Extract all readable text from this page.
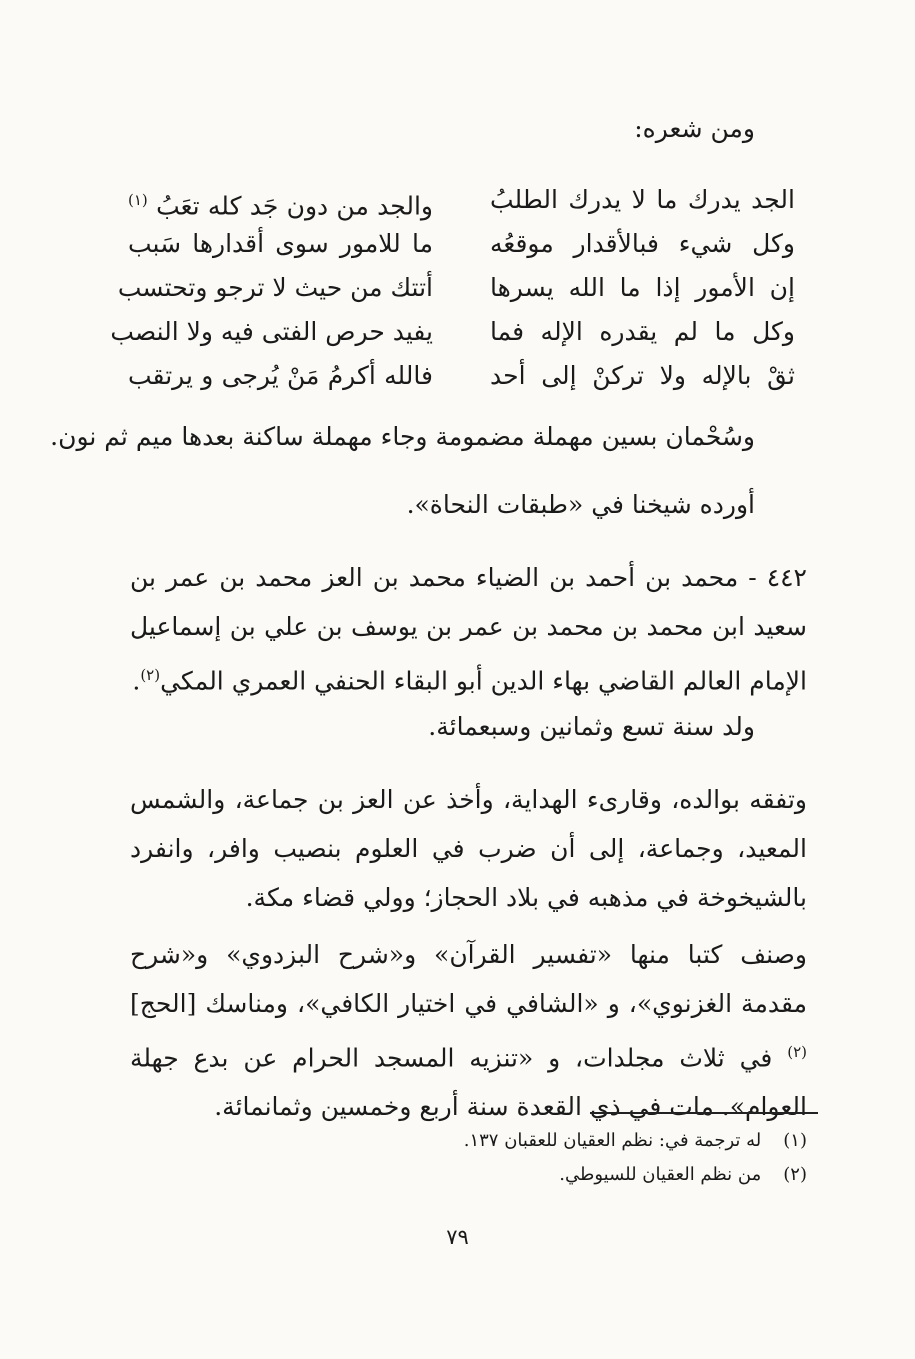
ومن شعره:
الجد يدرك ما لا يدرك الطلبُ
والجد من دون جَد كله تعَبُ $^{(١)}$
وكل شيء فبالأقدار موقعُه
ما للامور سوى أقدارها سَبب
إن الأمور إذا ما الله يسرها
أتتك من حيث لا ترجو وتحتسب
وكل ما لم يقدره الإله فما
يفيد حرص الفتى فيه ولا النصب
ثقْ بالإله ولا تركنْ إلى أحد
فالله أكرمُ مَنْ يُرجى و يرتقب
وسُحْمان بسين مهملة مضمومة وجاء مهملة ساكنة بعدها ميم ثم نون.
أورده شيخنا في «طبقات النحاة».

٤٤٢ - محمد بن أحمد بن الضياء محمد بن العز محمد بن عمر بن سعيد ابن محمد بن محمد بن عمر بن يوسف بن علي بن إسماعيل الإمام العالم القاضي بهاء الدين أبو البقاء الحنفي العمري المكي$^{(٢)}$.

ولد سنة تسع وثمانين وسبعمائة.

وتفقه بوالده، وقارىء الهداية، وأخذ عن العز بن جماعة، والشمس المعيد، وجماعة، إلى أن ضرب في العلوم بنصيب وافر، وانفرد بالشيخوخة في مذهبه في بلاد الحجاز؛ وولي قضاء مكة.

وصنف كتبا منها «تفسير القرآن» و«شرح البزدوي» و«شرح مقدمة الغزنوي»، و «الشافي في اختيار الكافي»، ومناسك [الحج] $^{(٢)}$ في ثلاث مجلدات، و «تنزيه المسجد الحرام عن بدع جهلة العوام». مات في ذي القعدة سنة أربع وخمسين وثمانمائة.

(١) له ترجمة في: نظم العقيان للعقبان ١٣٧.
(٢) من نظم العقيان للسيوطي.
٧٩
